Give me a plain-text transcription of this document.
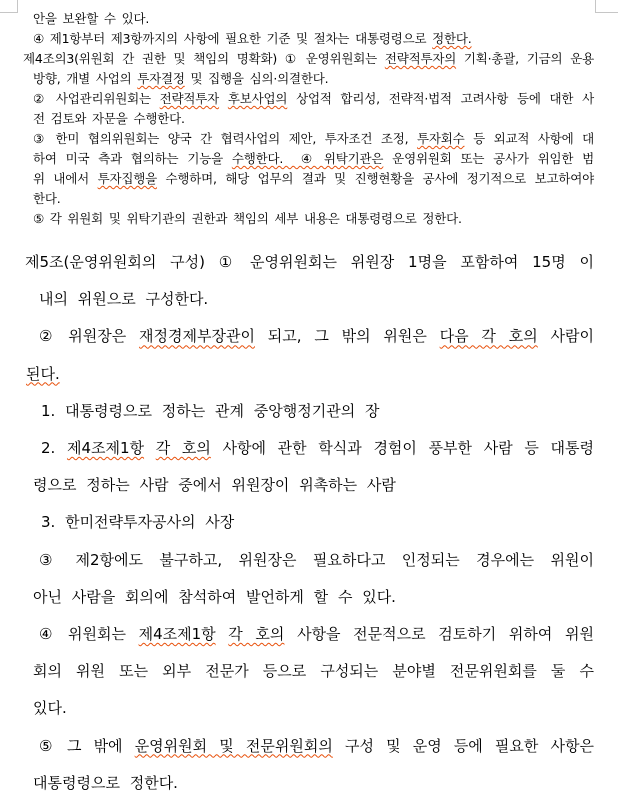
안을 보완할 수 있다.
④ 제1항부터 제3항까지의 사항에 필요한 기준 및 절차는 대통령령으로 정한다.
제4조의3(위원회 간 권한 및 책임의 명확화) ① 운영위원회는 전략적투자의 기획·총괄, 기금의 운용
방향, 개별 사업의 투자결정 및 집행을 심의·의결한다.
② 사업관리위원회는 전략적투자 후보사업의 상업적 합리성, 전략적·법적 고려사항 등에 대한 사
전 검토와 자문을 수행한다.
③ 한미 협의위원회는 양국 간 협력사업의 제안, 투자조건 조정, 투자회수 등 외교적 사항에 대
하여 미국 측과 협의하는 기능을 수행한다.  ④ 위탁기관은 운영위원회 또는 공사가 위임한 범
위 내에서 투자집행을 수행하며, 해당 업무의 결과 및 진행현황을 공사에 정기적으로 보고하여야
한다.
⑤ 각 위원회 및 위탁기관의 권한과 책임의 세부 내용은 대통령령으로 정한다.
제5조(운영위원회의 구성) ① 운영위원회는 위원장 1명을 포함하여 15명 이
내의 위원으로 구성한다.
② 위원장은 재정경제부장관이 되고, 그 밖의 위원은 다음 각 호의 사람이
된다.
1. 대통령령으로 정하는 관계 중앙행정기관의 장
2. 제4조제1항 각 호의 사항에 관한 학식과 경험이 풍부한 사람 등 대통령
령으로 정하는 사람 중에서 위원장이 위촉하는 사람
3. 한미전략투자공사의 사장
③ 제2항에도 불구하고, 위원장은 필요하다고 인정되는 경우에는 위원이
아닌 사람을 회의에 참석하여 발언하게 할 수 있다.
④ 위원회는 제4조제1항 각 호의 사항을 전문적으로 검토하기 위하여 위원
회의 위원 또는 외부 전문가 등으로 구성되는 분야별 전문위원회를 둘 수
있다.
⑤ 그 밖에 운영위원회 및 전문위원회의 구성 및 운영 등에 필요한 사항은
대통령령으로 정한다.
